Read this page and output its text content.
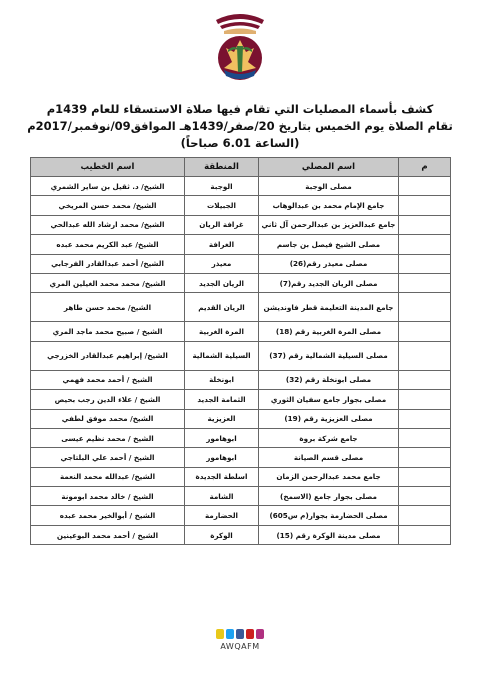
كشف بأسماء المصليات التي تقام فيها صلاة الاستسقاء للعام 1439م
تقام الصلاة يوم الخميس بتاريخ 20/صفر/1439هـ الموافق09/نوفمبر/2017م
(الساعة 6.01 صباحاً)
م	اسم المصلي	المنطقة	اسم الخطيب
	مصلى الوجبة	الوجبة	الشيخ/ د. ثقيل بن ساير الشمري
	جامع الإمام محمد بن عبدالوهاب	الجبيلات	الشيخ/ محمد حسن المريخي
	جامع عبدالعزيز بن عبدالرحمن آل ثاني	غرافة الريان	الشيخ/ محمد ارشاد الله عبدالحي
	مصلى الشيخ فيصل بن جاسم	الغرافة	الشيخ/ عبد الكريم محمد عبده
	مصلى معيذر رقم(26)	معيذر	الشيخ/ أحمد عبدالقادر الفرجابي
	مصلى الريان الجديد رقم(7)	الريان الجديد	الشيخ/ محمد محمد الغيلين المري
	جامع المدينة التعليمة قطر فاونديشن	الريان القديم	الشيخ/ محمد حسن طاهر
	مصلى المرة الغربية رقم (18)	المرة الغربية	الشيخ / صبيح محمد ماجد المري
	مصلى السيلية الشمالية رقم (37)	السيلية الشمالية	الشيخ/ إبراهيم عبدالقادر الخزرجي
	مصلى ابونخلة رقم (32)	ابونخلة	الشيخ / أحمد محمد فهمي
	مصلى بجوار جامع سفيان الثوري	الثمامة الجديد	الشيخ / علاء الدين رجب بحيص
	مصلى العزيزية رقم (19)	العزيزية	الشيخ/ محمد موفق لطفي
	جامع شركة بروة	ابوهامور	الشيخ / محمد نظيم عيسى
	مصلى قسم الصيانة	ابوهامور	الشيخ / أحمد علي البلتاجي
	جامع محمد عبدالرحمن الزمان	اسلطة الجديدة	الشيخ/ عبدالله محمد النعمة
	مصلى بجوار جامع (الاسمخ)	الشامة	الشيخ / خالد محمد ابومونة
	مصلى الحضارمة بجوار(م س605)	الحضارمة	الشيخ / أبوالخير محمد عبده
	مصلى مدينة الوكرة رقم (15)	الوكرة	الشيخ / أحمد محمد البوعينين
AWQAFM
